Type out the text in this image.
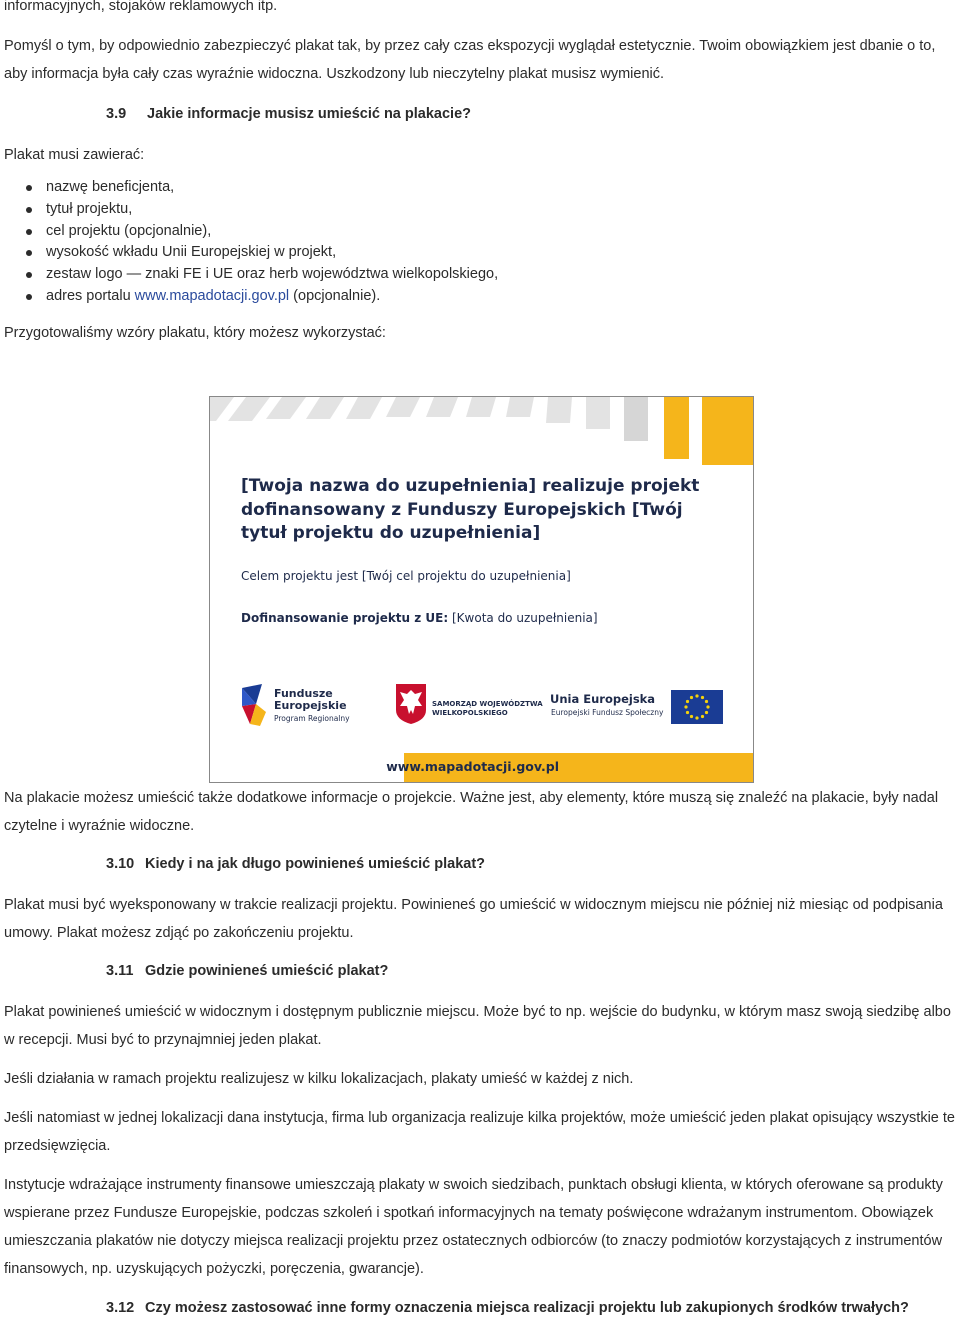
informacyjnych, stojaków reklamowych itp.

Pomyśl o tym, by odpowiednio zabezpieczyć plakat tak, by przez cały czas ekspozycji wyglądał estetycznie. Twoim obowiązkiem jest dbanie o to, aby informacja była cały czas wyraźnie widoczna. Uszkodzony lub nieczytelny plakat musisz wymienić.

3.9 Jakie informacje musisz umieścić na plakacie?

Plakat musi zawierać:

nazwę beneficjenta,
tytuł projektu,
cel projektu (opcjonalnie),
wysokość wkładu Unii Europejskiej w projekt,
zestaw logo — znaki FE i UE oraz herb województwa wielkopolskiego,
adres portalu www.mapadotacji.gov.pl (opcjonalnie).

Przygotowaliśmy wzóry plakatu, który możesz wykorzystać:

[Twoja nazwa do uzupełnienia] realizuje projekt dofinansowany z Funduszy Europejskich [Twój tytuł projektu do uzupełnienia]
Celem projektu jest [Twój cel projektu do uzupełnienia]
Dofinansowanie projektu z UE: [Kwota do uzupełnienia]
Fundusze
Europejskie
Program Regionalny
SAMORZĄD WOJEWÓDZTWA
WIELKOPOLSKIEGO
Unia Europejska
Europejski Fundusz Społeczny
www.mapadotacji.gov.pl

Na plakacie możesz umieścić także dodatkowe informacje o projekcie. Ważne jest, aby elementy, które muszą się znaleźć na plakacie, były nadal czytelne i wyraźnie widoczne.

3.10 Kiedy i na jak długo powinieneś umieścić plakat?

Plakat musi być wyeksponowany w trakcie realizacji projektu. Powinieneś go umieścić w widocznym miejscu nie później niż miesiąc od podpisania umowy. Plakat możesz zdjąć po zakończeniu projektu.

3.11 Gdzie powinieneś umieścić plakat?

Plakat powinieneś umieścić w widocznym i dostępnym publicznie miejscu. Może być to np. wejście do budynku, w którym masz swoją siedzibę albo w recepcji. Musi być to przynajmniej jeden plakat.

Jeśli działania w ramach projektu realizujesz w kilku lokalizacjach, plakaty umieść w każdej z nich.

Jeśli natomiast w jednej lokalizacji dana instytucja, firma lub organizacja realizuje kilka projektów, może umieścić jeden plakat opisujący wszystkie te przedsięwzięcia.

Instytucje wdrażające instrumenty finansowe umieszczają plakaty w swoich siedzibach, punktach obsługi klienta, w których oferowane są produkty wspierane przez Fundusze Europejskie, podczas szkoleń i spotkań informacyjnych na tematy poświęcone wdrażanym instrumentom. Obowiązek umieszczania plakatów nie dotyczy miejsca realizacji projektu przez ostatecznych odbiorców (to znaczy podmiotów korzystających z instrumentów finansowych, np. uzyskujących pożyczki, poręczenia, gwarancje).

3.12 Czy możesz zastosować inne formy oznaczenia miejsca realizacji projektu lub zakupionych środków trwałych?
